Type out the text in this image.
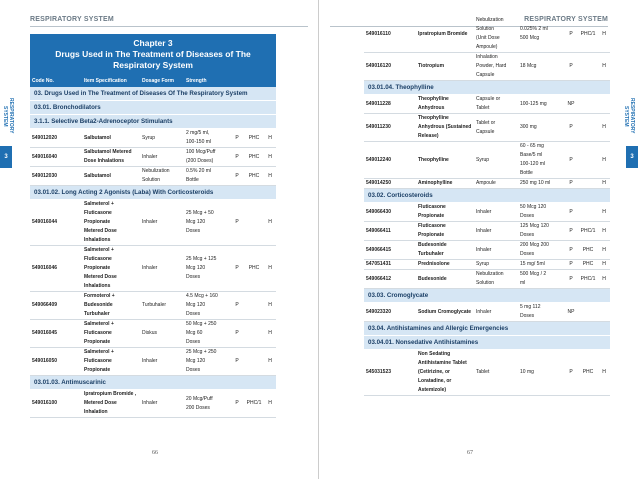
RESPIRATORY SYSTEM
RESPIRATORY SYSTEM
3
Chapter 3
Drugs Used in The Treatment of Diseases of The Respiratory System
Code No.	Item Specification	Dosage Form	Strength			
03. Drugs Used in The Treatment of Diseases Of The Respiratory System						
03.01. Bronchodilators						
3.1.1. Selective Beta2-Adrenoceptor Stimulants						
549012020	Salbutamol	Syrup	2 mg/5 ml,
100-150 ml	P	PHC	H
549016040	Salbutamol Metered
Dose Inhalations	Inhaler	100 Mcg/Puff
(200 Doses)	P	PHC	H
549012030	Salbutamol	Nebulization
Solution	0.5% 20 ml
Bottle	P	PHC	H
03.01.02. Long Acting 2 Agonists (Laba) With Corticosteroids						
549016044	Salmeterol +
Fluticasone Propionate
Metered Dose
Inhalations	Inhaler	25 Mcg + 50
Mcg 120
Doses	P		H
549016046	Salmeterol +
Fluticasone Propionate
Metered Dose
Inhalations	Inhaler	25 Mcg + 125
Mcg 120
Doses	P	PHC	H
549066409	Formoterol +
Budesonide
Turbuhaler	Turbuhaler	4.5 Mcg + 160
Mcg 120
Doses	P		H
549016045	Salmeterol +
Fluticasone Propionate	Diskus	50 Mcg + 250
Mcg 60
Doses	P		H
549016050	Salmeterol +
Fluticasone Propionate	Inhaler	25 Mcg + 250
Mcg 120
Doses	P		H
03.01.03. Antimuscarinic						
549016100	Ipratropium Bromide ,
Metered Dose
Inhalation	Inhaler	20 Mcg/Puff
200 Doses	P	PHC/1	H
66
RESPIRATORY SYSTEM
RESPIRATORY SYSTEM
3
549016110	Ipratropium Bromide	Nebulization
Solution
(Unit Dose
Ampoule)	0.025% 2 ml
500 Mcg	P	PHC/1	H
549016120	Tiotropium	Inhalation
Powder, Hard
Capsule	18 Mcg	P		H
03.01.04. Theophylline						
549011228	Theophylline
Anhydrous	Capsule or
Tablet	100-125 mg	NP		
549011230	Theophylline
Anhydrous (Sustained
Release)	Tablet or
Capsule	300 mg	P		H
549012240	Theophylline	Syrup	60 - 65 mg
Base/5 ml
100-120 ml
Bottle	P		H
549014250	Aminophylline	Ampoule	250 mg 10 ml	P		H
03.02. Corticosteroids						
549066430	Fluticasone Propionate	Inhaler	50 Mcg 120
Doses	P		H
549066411	Fluticasone Propionate	Inhaler	125 Mcg 120
Doses	P	PHC/1	H
549066415	Budesonide
Turbuhaler	Inhaler	200 Mcg 200
Doses	P	PHC	H
547051431	Prednisolone	Syrup	15 mg/ 5ml	P	PHC	H
549066412	Budesonide	Nebulization
Solution	500 Mcg / 2
ml	P	PHC/1	H
03.03. Cromoglycate						
549023320	Sodium Cromoglycate	Inhaler	5 mg 112
Doses	NP		
03.04. Antihistamines and Allergic Emergencies						
03.04.01. Nonsedative Antihistamines						
545031523	Non Sedating
Antihistamine Tablet
(Cetirizine, or
Loratadine, or
Astemizole)	Tablet	10 mg	P	PHC	H
67
